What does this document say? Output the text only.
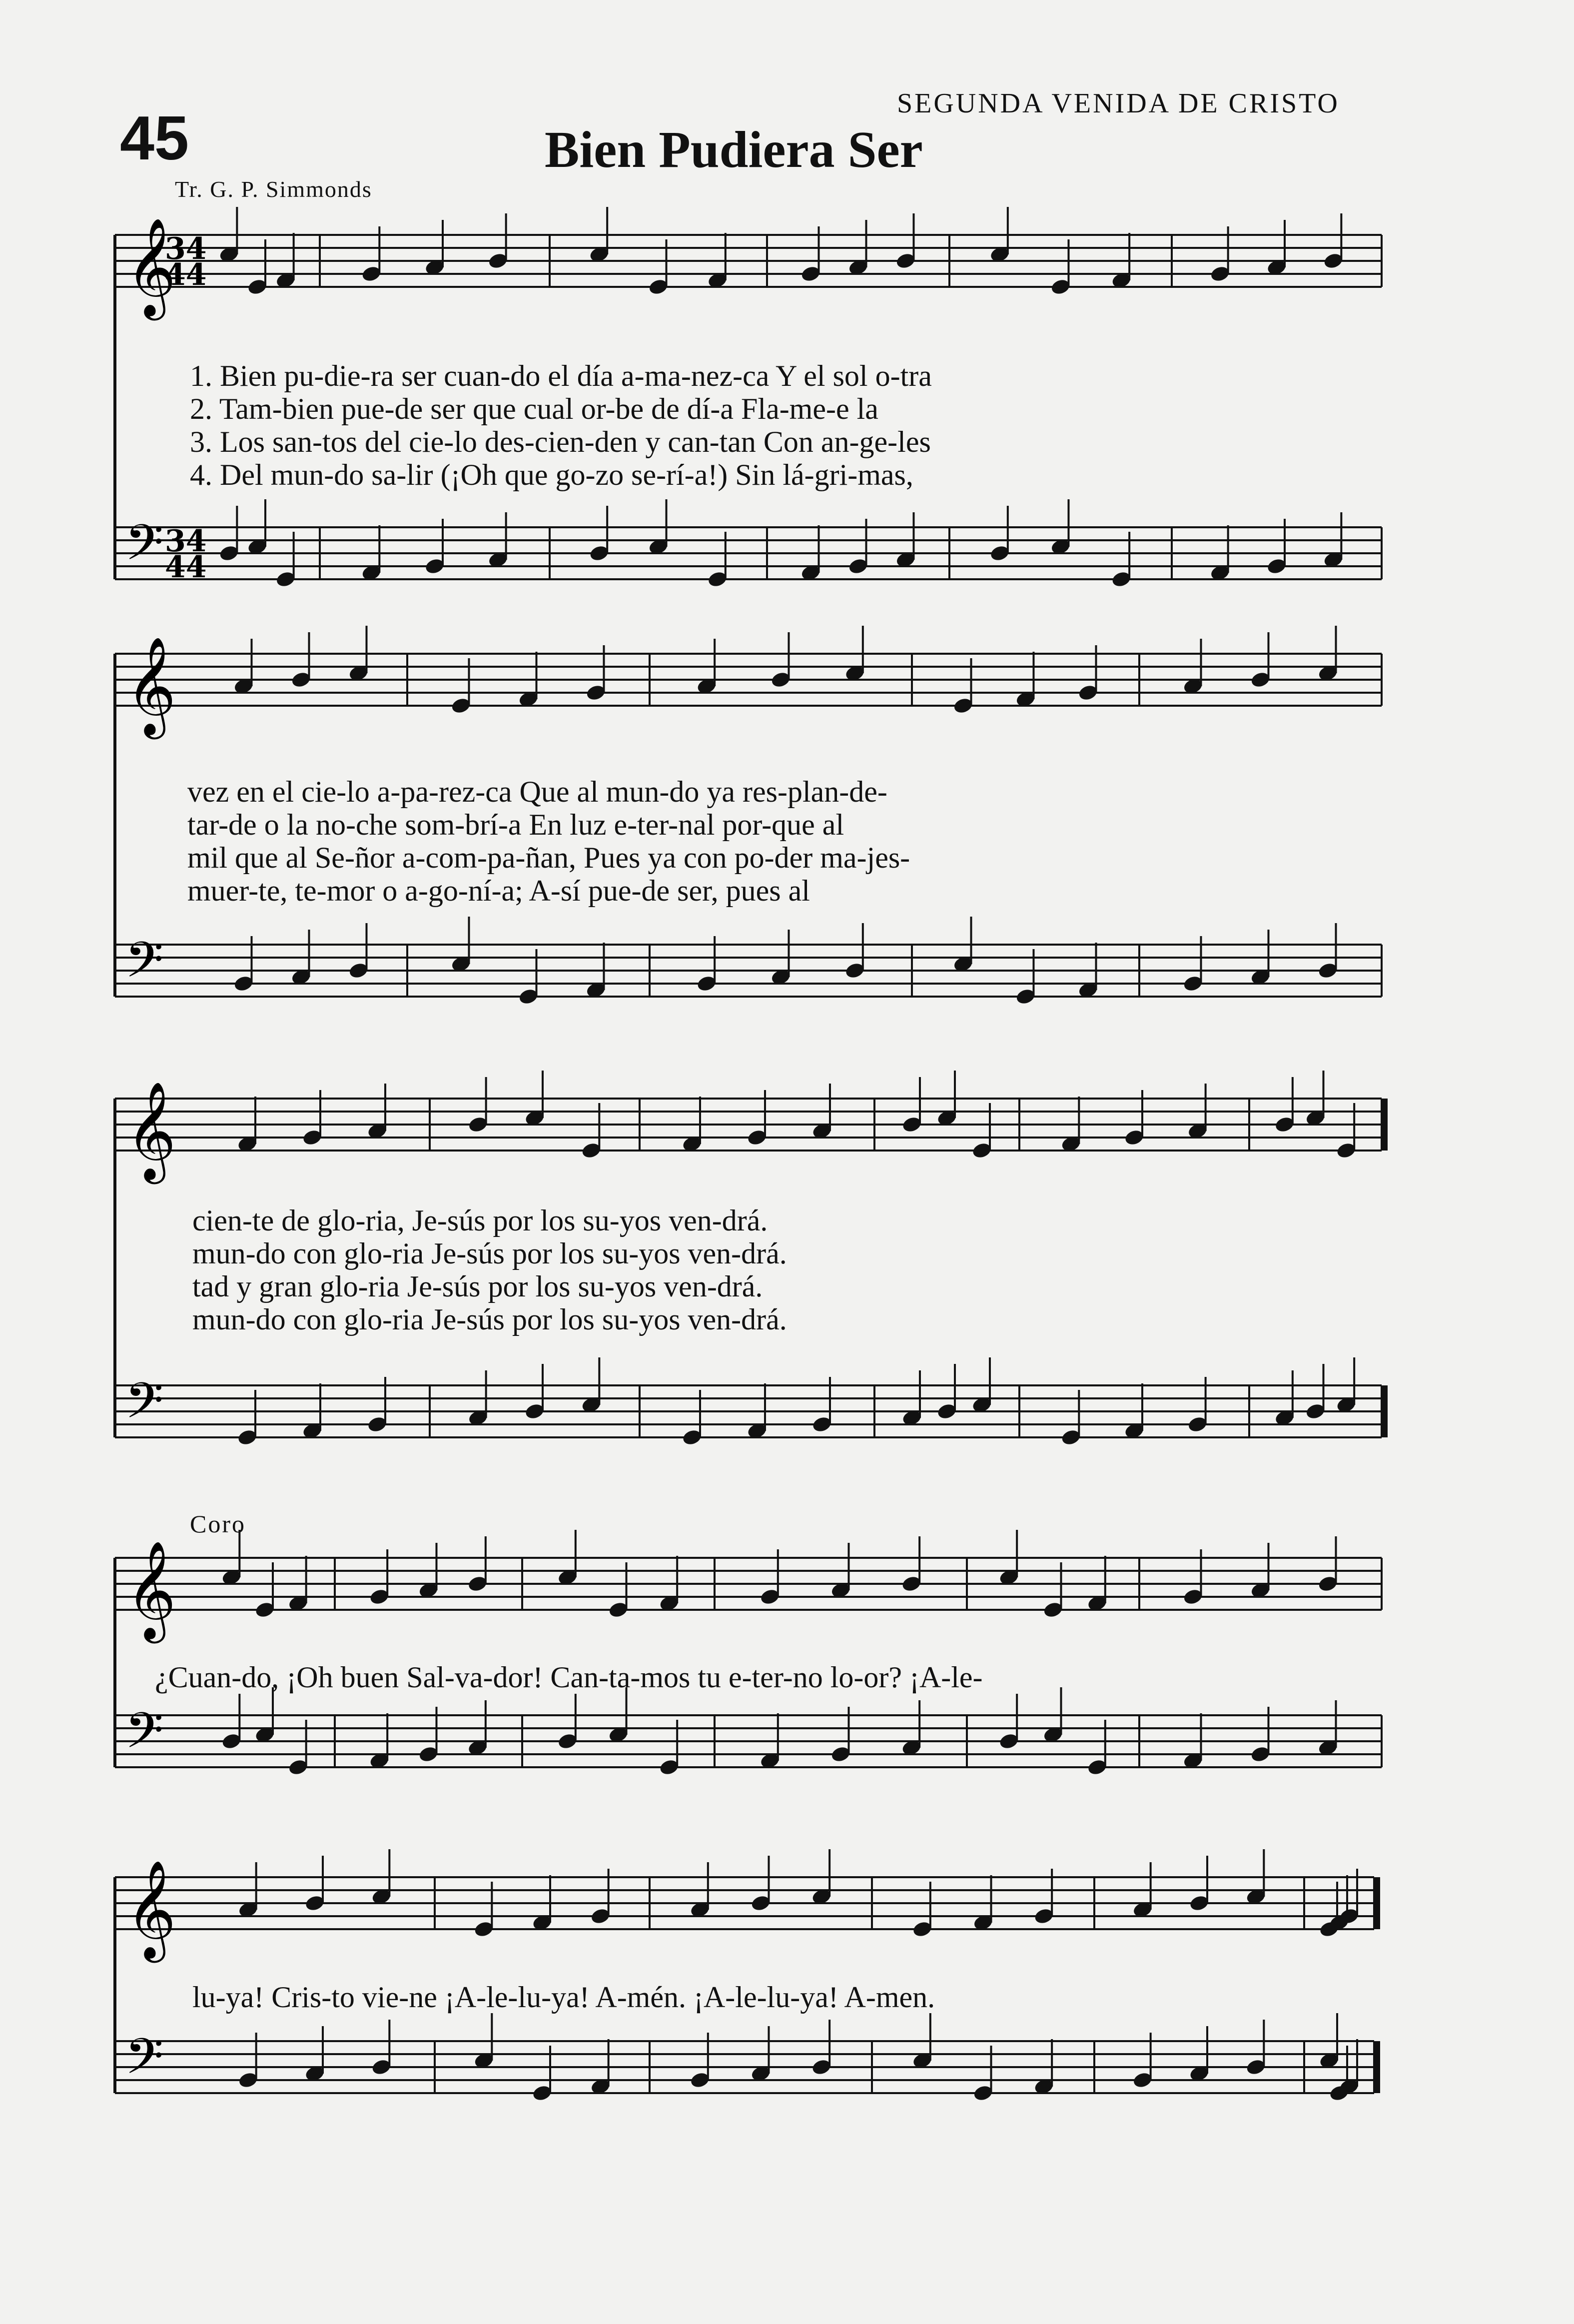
45
SEGUNDA VENIDA DE CRISTO
Bien Pudiera Ser
Tr. G. P. Simmonds
Coro
1. Bien pu-die-ra ser cuan-do el día a-ma-nez-ca Y el sol o-tra
2. Tam-bien pue-de ser que cual or-be de dí-a Fla-me-e la
3. Los san-tos del cie-lo des-cien-den y can-tan Con an-ge-les
4. Del mun-do sa-lir (¡Oh que go-zo se-rí-a!) Sin lá-gri-mas,
vez en el cie-lo a-pa-rez-ca Que al mun-do ya res-plan-de-
tar-de o la no-che som-brí-a En luz e-ter-nal por-que al
mil que al Se-ñor a-com-pa-ñan, Pues ya con po-der ma-jes-
muer-te, te-mor o a-go-ní-a; A-sí pue-de ser, pues al
cien-te de glo-ria, Je-sús por los su-yos ven-drá.
mun-do con glo-ria Je-sús por los su-yos ven-drá.
tad y gran glo-ria Je-sús por los su-yos ven-drá.
mun-do con glo-ria Je-sús por los su-yos ven-drá.
¿Cuan-do, ¡Oh buen Sal-va-dor! Can-ta-mos tu e-ter-no lo-or? ¡A-le-
lu-ya! Cris-to vie-ne ¡A-le-lu-ya! A-mén. ¡A-le-lu-ya! A-men.
𝄞
34
44
𝄢 34
44
𝄞
𝄢
𝄞
𝄢
𝄞
𝄢
𝄞
𝄢
